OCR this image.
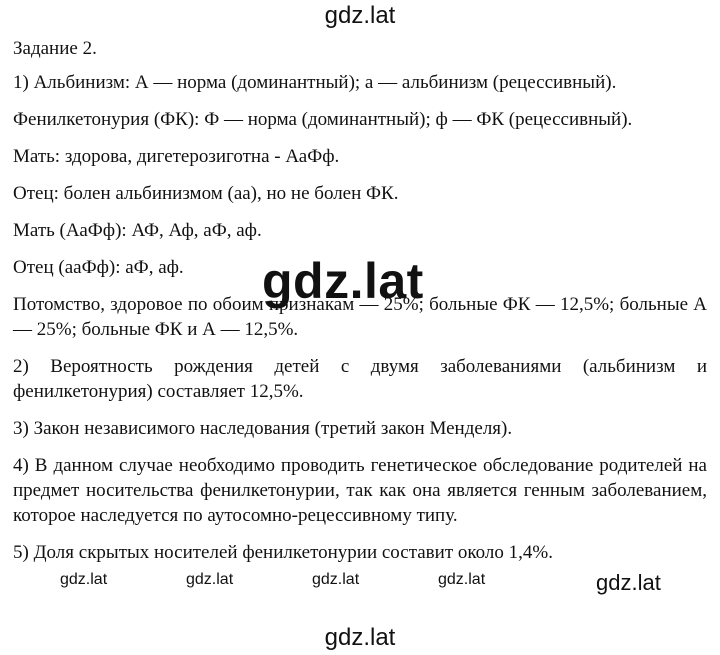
Задание 2.

1) Альбинизм: А — норма (доминантный); а — альбинизм (рецессивный).

Фенилкетонурия (ФК): Ф — норма (доминантный); ф — ФК (рецессивный).

Мать: здорова, дигетерозиготна - АаФф.

Отец: болен альбинизмом (аа), но не болен ФК.

Мать (АаФф): АФ, Аф, аФ, аф.

Отец (ааФф): аФ, аф.

Потомство, здоровое по обоим признакам — 25%; больные ФК — 12,5%; больные А — 25%; больные ФК и А — 12,5%.

2) Вероятность рождения детей с двумя заболеваниями (альбинизм и фенилкетонурия) составляет 12,5%.

3) Закон независимого наследования (третий закон Менделя).

4) В данном случае необходимо проводить генетическое обследование родителей на предмет носительства фенилкетонурии, так как она является генным заболеванием, которое наследуется по аутосомно-рецессивному типу.

5) Доля скрытых носителей фенилкетонурии составит около 1,4%.

gdz.lat
gdz.lat
gdz.lat	gdz.lat	gdz.lat	gdz.lat	gdz.lat
gdz.lat
